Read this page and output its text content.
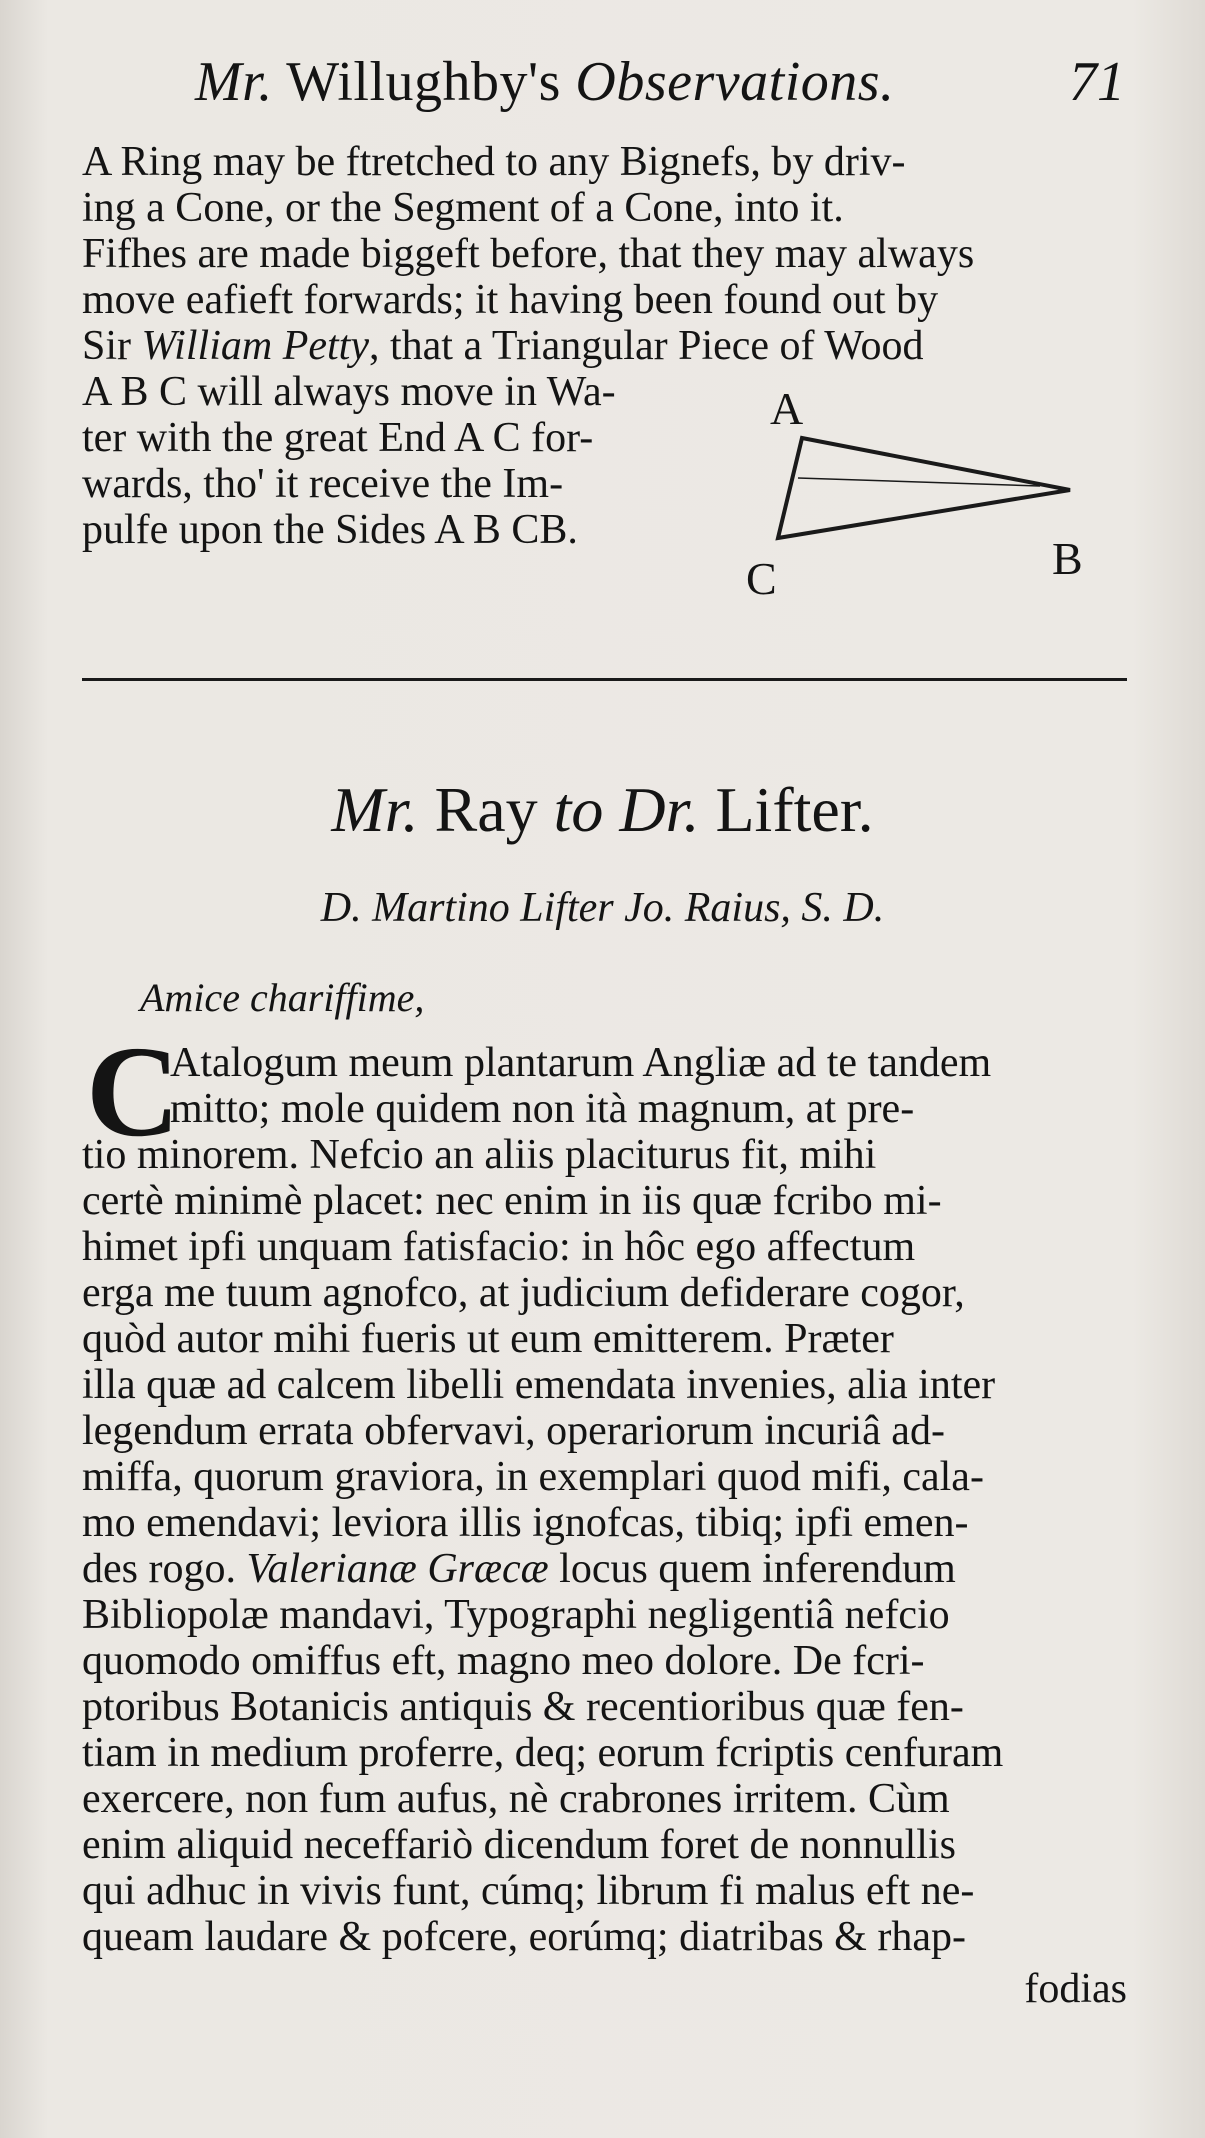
Mr. Willughby's Observations.	71
A Ring may be ftretched to any Bignefs, by driv-
ing a Cone, or the Segment of a Cone, into it.
Fifhes are made biggeft before, that they may always
move eafieft forwards; it having been found out by
Sir William Petty, that a Triangular Piece of Wood
A B C will always move in Wa-
ter with the great End A C for-
wards, tho' it receive the Im-
pulfe upon the Sides A B CB.
A
B
C
Mr. Ray to Dr. Lifter.
D. Martino Lifter Jo. Raius, S. D.
Amice chariffime,
C
Atalogum meum plantarum Angliæ ad te tandem
mitto; mole quidem non ità magnum, at pre-
tio minorem. Nefcio an aliis placiturus fit, mihi
certè minimè placet: nec enim in iis quæ fcribo mi-
himet ipfi unquam fatisfacio: in hôc ego affectum
erga me tuum agnofco, at judicium defiderare cogor,
quòd autor mihi fueris ut eum emitterem. Præter
illa quæ ad calcem libelli emendata invenies, alia inter
legendum errata obfervavi, operariorum incuriâ ad-
miffa, quorum graviora, in exemplari quod mifi, cala-
mo emendavi; leviora illis ignofcas, tibiq; ipfi emen-
des rogo. Valerianæ Græcæ locus quem inferendum
Bibliopolæ mandavi, Typographi negligentiâ nefcio
quomodo omiffus eft, magno meo dolore. De fcri-
ptoribus Botanicis antiquis & recentioribus quæ fen-
tiam in medium proferre, deq; eorum fcriptis cenfuram
exercere, non fum aufus, nè crabrones irritem. Cùm
enim aliquid neceffariò dicendum foret de nonnullis
qui adhuc in vivis funt, cúmq; librum fi malus eft ne-
queam laudare & pofcere, eorúmq; diatribas & rhap-
fodias
